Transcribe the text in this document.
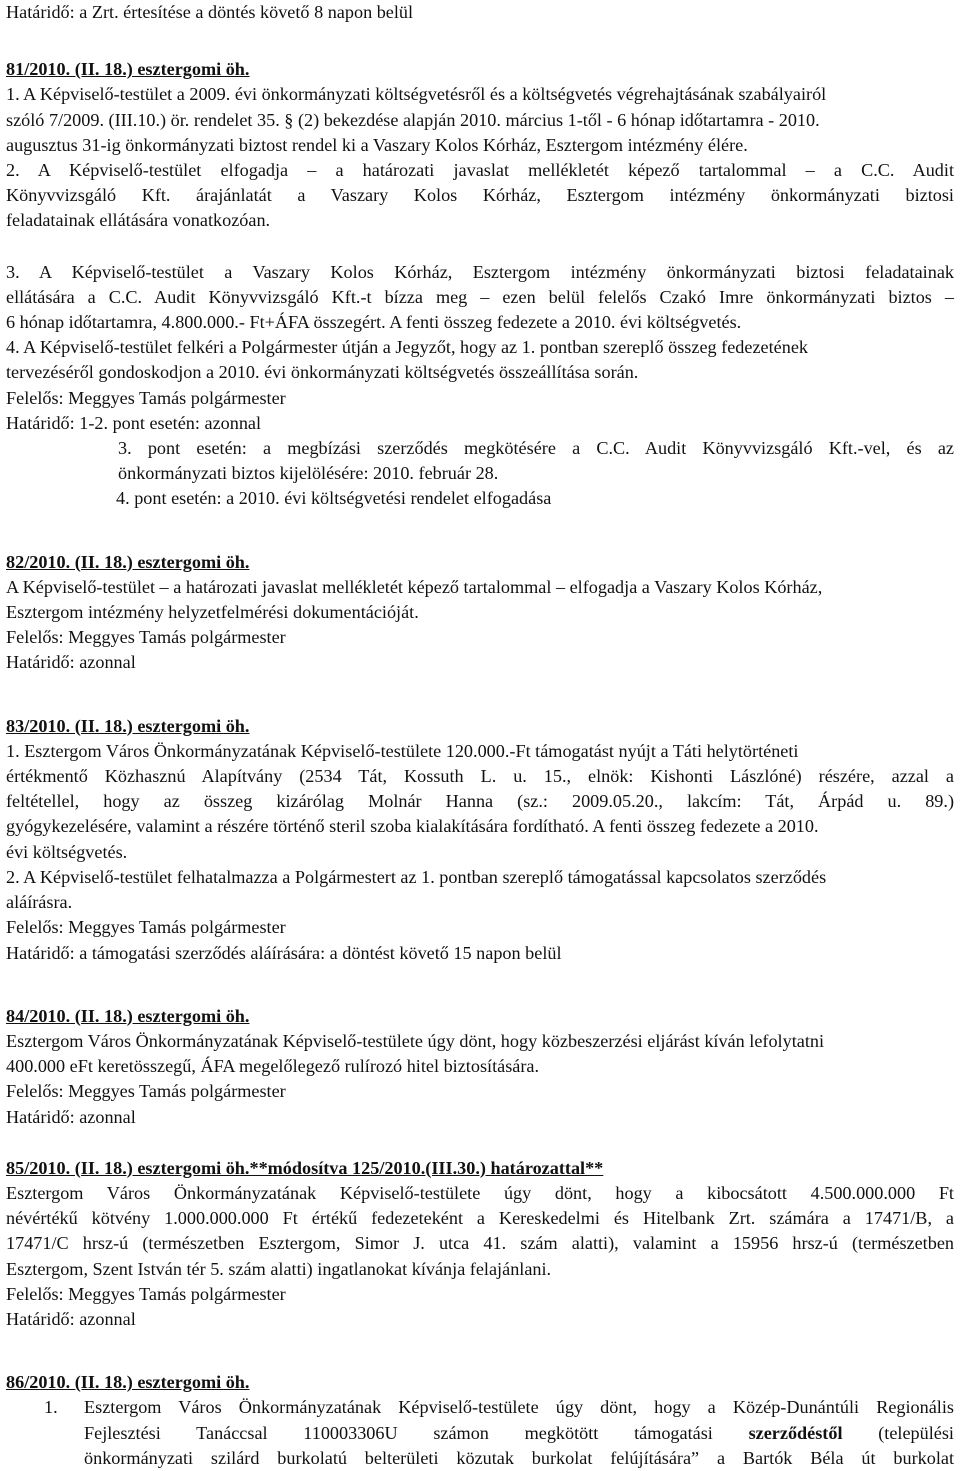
Határidő: a Zrt. értesítése a döntés követő 8 napon belül
81/2010. (II. 18.) esztergomi öh.
1. A Képviselő-testület a 2009. évi önkormányzati költségvetésről és a költségvetés végrehajtásának szabályairól
szóló 7/2009. (III.10.) ör. rendelet 35. § (2) bekezdése alapján 2010. március 1-től - 6 hónap időtartamra - 2010.
augusztus 31-ig önkormányzati biztost rendel ki a Vaszary Kolos Kórház, Esztergom intézmény élére.
2. A Képviselő-testület elfogadja – a határozati javaslat mellékletét képező tartalommal – a C.C. Audit
Könyvvizsgáló Kft. árajánlatát a Vaszary Kolos Kórház, Esztergom intézmény önkormányzati biztosi
feladatainak ellátására vonatkozóan.
3. A Képviselő-testület a Vaszary Kolos Kórház, Esztergom intézmény önkormányzati biztosi feladatainak
ellátására a C.C. Audit Könyvvizsgáló Kft.-t bízza meg – ezen belül felelős Czakó Imre önkormányzati biztos –
6 hónap időtartamra, 4.800.000.- Ft+ÁFA összegért. A fenti összeg fedezete a 2010. évi költségvetés.
4. A Képviselő-testület felkéri a Polgármester útján a Jegyzőt, hogy az 1. pontban szereplő összeg fedezetének
tervezéséről gondoskodjon a 2010. évi önkormányzati költségvetés összeállítása során.
Felelős: Meggyes Tamás polgármester
Határidő: 1-2. pont esetén: azonnal
3. pont esetén: a megbízási szerződés megkötésére a C.C. Audit Könyvvizsgáló Kft.-vel, és az
önkormányzati biztos kijelölésére: 2010. február 28.
4. pont esetén: a 2010. évi költségvetési rendelet elfogadása
82/2010. (II. 18.) esztergomi öh.
A Képviselő-testület – a határozati javaslat mellékletét képező tartalommal – elfogadja a Vaszary Kolos Kórház,
Esztergom intézmény helyzetfelmérési dokumentációját.
Felelős: Meggyes Tamás polgármester
Határidő: azonnal
83/2010. (II. 18.) esztergomi öh.
1. Esztergom Város Önkormányzatának Képviselő-testülete 120.000.-Ft támogatást nyújt a Táti helytörténeti
értékmentő Közhasznú Alapítvány (2534 Tát, Kossuth L. u. 15., elnök: Kishonti Lászlóné) részére, azzal a
feltétellel, hogy az összeg kizárólag Molnár Hanna (sz.: 2009.05.20., lakcím: Tát, Árpád u. 89.)
gyógykezelésére, valamint a részére történő steril szoba kialakítására fordítható. A fenti összeg fedezete a 2010.
évi költségvetés.
2. A Képviselő-testület felhatalmazza a Polgármestert az 1. pontban szereplő támogatással kapcsolatos szerződés
aláírásra.
Felelős: Meggyes Tamás polgármester
Határidő: a támogatási szerződés aláírására: a döntést követő 15 napon belül
84/2010. (II. 18.) esztergomi öh.
Esztergom Város Önkormányzatának Képviselő-testülete úgy dönt, hogy közbeszerzési eljárást kíván lefolytatni
400.000 eFt keretösszegű, ÁFA megelőlegező rulírozó hitel biztosítására.
Felelős: Meggyes Tamás polgármester
Határidő: azonnal
85/2010. (II. 18.) esztergomi öh.**módosítva 125/2010.(III.30.) határozattal**
Esztergom Város Önkormányzatának Képviselő-testülete úgy dönt, hogy a kibocsátott 4.500.000.000 Ft
névértékű kötvény 1.000.000.000 Ft értékű fedezeteként a Kereskedelmi és Hitelbank Zrt. számára a 17471/B, a
17471/C hrsz-ú (természetben Esztergom, Simor J. utca 41. szám alatti), valamint a 15956 hrsz-ú (természetben
Esztergom, Szent István tér 5. szám alatti) ingatlanokat kívánja felajánlani.
Felelős: Meggyes Tamás polgármester
Határidő: azonnal
86/2010. (II. 18.) esztergomi öh.
1.	Esztergom Város Önkormányzatának Képviselő-testülete úgy dönt, hogy a Közép-Dunántúli Regionális
Fejlesztési Tanáccsal 110003306U számon megkötött támogatási szerződéstől (települési
önkormányzati szilárd burkolatú belterületi közutak burkolat felújítására” a Bartók Béla út burkolat
